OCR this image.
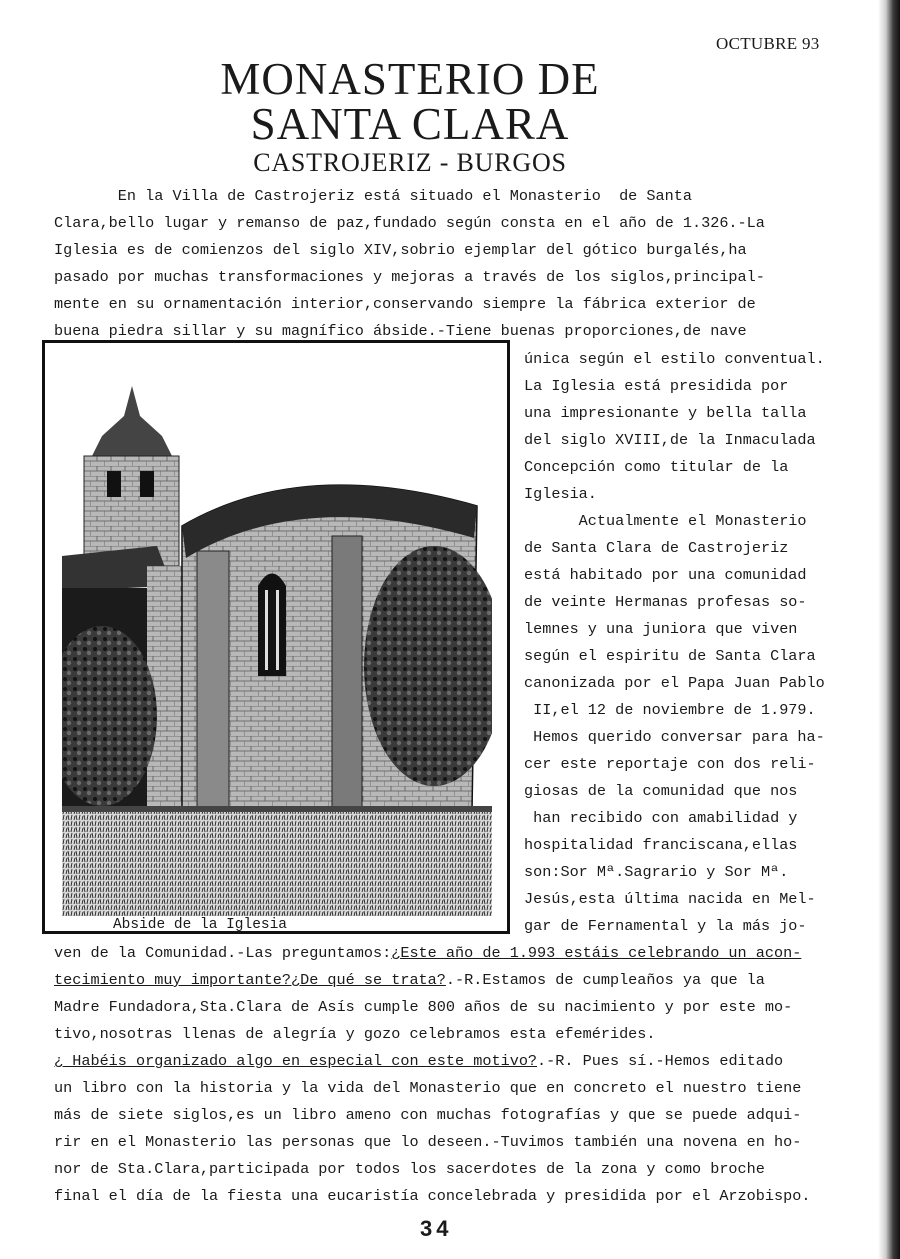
OCTUBRE 93
MONASTERIO DE
SANTA CLARA
CASTROJERIZ - BURGOS
En la Villa de Castrojeriz está situado el Monasterio  de Santa
Clara,bello lugar y remanso de paz,fundado según consta en el año de 1.326.-La
Iglesia es de comienzos del siglo XIV,sobrio ejemplar del gótico burgalés,ha
pasado por muchas transformaciones y mejoras a través de los siglos,principal-
mente en su ornamentación interior,conservando siempre la fábrica exterior de
buena piedra sillar y su magnífico ábside.-Tiene buenas proporciones,de nave
Abside de la Iglesia
única según el estilo conventual.
La Iglesia está presidida por
una impresionante y bella talla
del siglo XVIII,de la Inmaculada
Concepción como titular de la
Iglesia.
Actualmente el Monasterio
de Santa Clara de Castrojeriz
está habitado por una comunidad
de veinte Hermanas profesas so-
lemnes y una juniora que viven
según el espiritu de Santa Clara
canonizada por el Papa Juan Pablo
II,el 12 de noviembre de 1.979.
Hemos querido conversar para ha-
cer este reportaje con dos reli-
giosas de la comunidad que nos
han recibido con amabilidad y
hospitalidad franciscana,ellas
son:Sor Mª.Sagrario y Sor Mª.
Jesús,esta última nacida en Mel-
gar de Fernamental y la más jo-
ven de la Comunidad.-Las preguntamos:¿Este año de 1.993 estáis celebrando un acon-
tecimiento muy importante?¿De qué se trata?.-R.Estamos de cumpleaños ya que la
Madre Fundadora,Sta.Clara de Asís cumple 800 años de su nacimiento y por este mo-
tivo,nosotras llenas de alegría y gozo celebramos esta efemérides.
¿ Habéis organizado algo en especial con este motivo?.-R. Pues sí.-Hemos editado
un libro con la historia y la vida del Monasterio que en concreto el nuestro tiene
más de siete siglos,es un libro ameno con muchas fotografías y que se puede adqui-
rir en el Monasterio las personas que lo deseen.-Tuvimos también una novena en ho-
nor de Sta.Clara,participada por todos los sacerdotes de la zona y como broche
final el día de la fiesta una eucaristía concelebrada y presidida por el Arzobispo.
34
